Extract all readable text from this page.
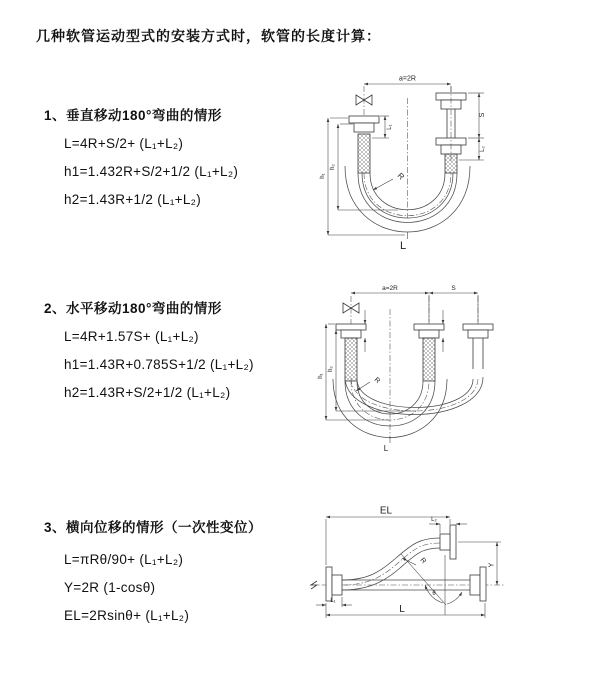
几种软管运动型式的安装方式时，软管的长度计算：
1、垂直移动180°弯曲的情形
L=4R+S/2+ (L₁+L₂)
h1=1.432R+S/2+1/2 (L₁+L₂)
h2=1.43R+1/2 (L₁+L₂)
a=2R
L₁
S
L₂
h₁
h₂
R
L
2、水平移动180°弯曲的情形
L=4R+1.57S+ (L₁+L₂)
h1=1.43R+0.785S+1/2 (L₁+L₂)
h2=1.43R+S/2+1/2 (L₁+L₂)
a=2R	S
h₁
h₂
R
L
3、横向位移的情形（一次性变位）
L=πRθ/90+ (L₁+L₂)
Y=2R (1-cosθ)
EL=2Rsinθ+ (L₁+L₂)
EL
L₂
Y
R
θ
L
L₁
